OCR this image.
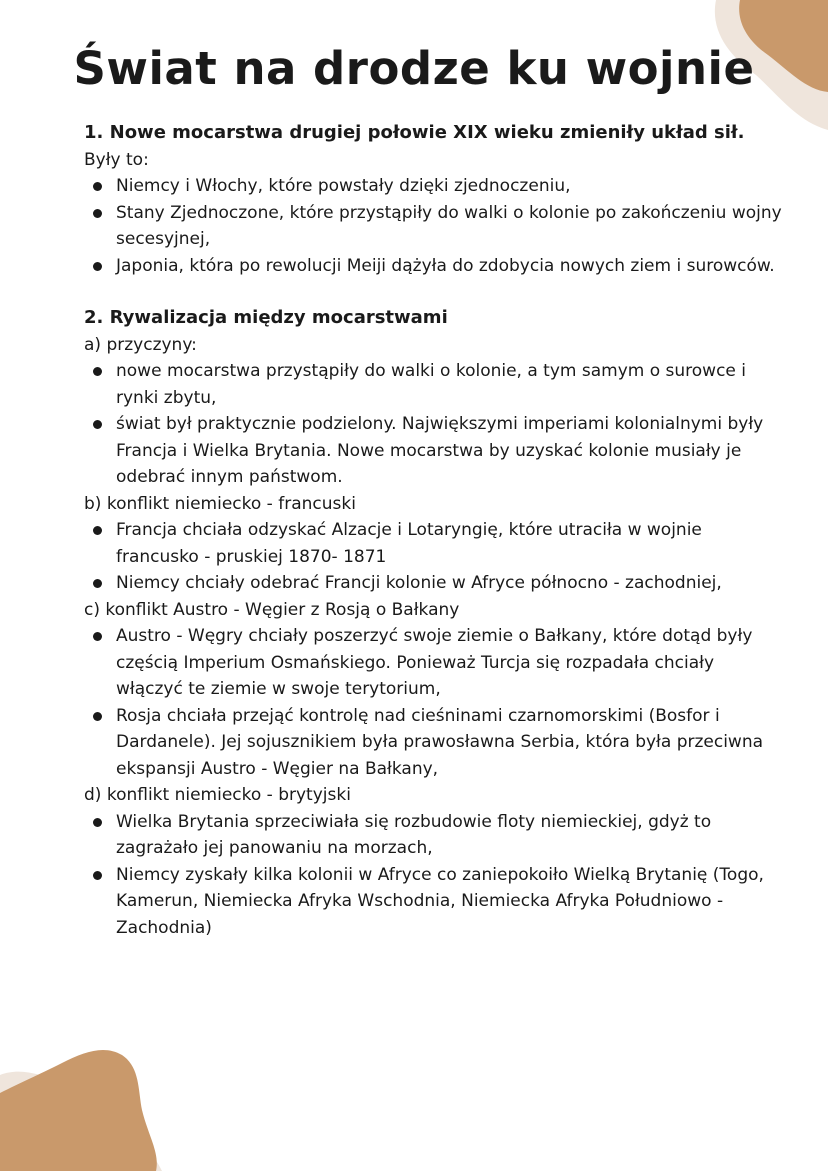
Świat na drodze ku wojnie
1. Nowe mocarstwa drugiej połowie XIX wieku zmieniły układ sił.
Były to:
Niemcy i Włochy, które powstały dzięki zjednoczeniu,
Stany Zjednoczone, które przystąpiły do walki o kolonie po zakończeniu wojny secesyjnej,
Japonia, która po rewolucji Meiji dążyła do zdobycia nowych ziem i surowców.
2. Rywalizacja między mocarstwami
a) przyczyny:
nowe mocarstwa przystąpiły do walki o kolonie, a tym samym o surowce i rynki zbytu,
świat był praktycznie podzielony. Największymi imperiami kolonialnymi były Francja i Wielka Brytania. Nowe mocarstwa by uzyskać kolonie musiały je odebrać innym państwom.
b) konflikt niemiecko - francuski
Francja chciała odzyskać Alzacje i Lotaryngię, które utraciła w wojnie francusko - pruskiej 1870- 1871
Niemcy chciały odebrać Francji kolonie w Afryce północno - zachodniej,
c) konflikt Austro - Węgier z Rosją o Bałkany
Austro - Węgry chciały poszerzyć swoje ziemie o Bałkany, które dotąd były częścią Imperium Osmańskiego. Ponieważ Turcja się rozpadała chciały włączyć te ziemie w swoje terytorium,
Rosja chciała przejąć kontrolę nad cieśninami czarnomorskimi (Bosfor i Dardanele). Jej sojusznikiem była prawosławna Serbia, która była przeciwna ekspansji Austro - Węgier na Bałkany,
d) konflikt niemiecko - brytyjski
Wielka Brytania sprzeciwiała się rozbudowie floty niemieckiej, gdyż to zagrażało jej panowaniu na morzach,
Niemcy zyskały kilka kolonii w Afryce co zaniepokoiło Wielką Brytanię (Togo, Kamerun, Niemiecka Afryka Wschodnia, Niemiecka Afryka Południowo - Zachodnia)
